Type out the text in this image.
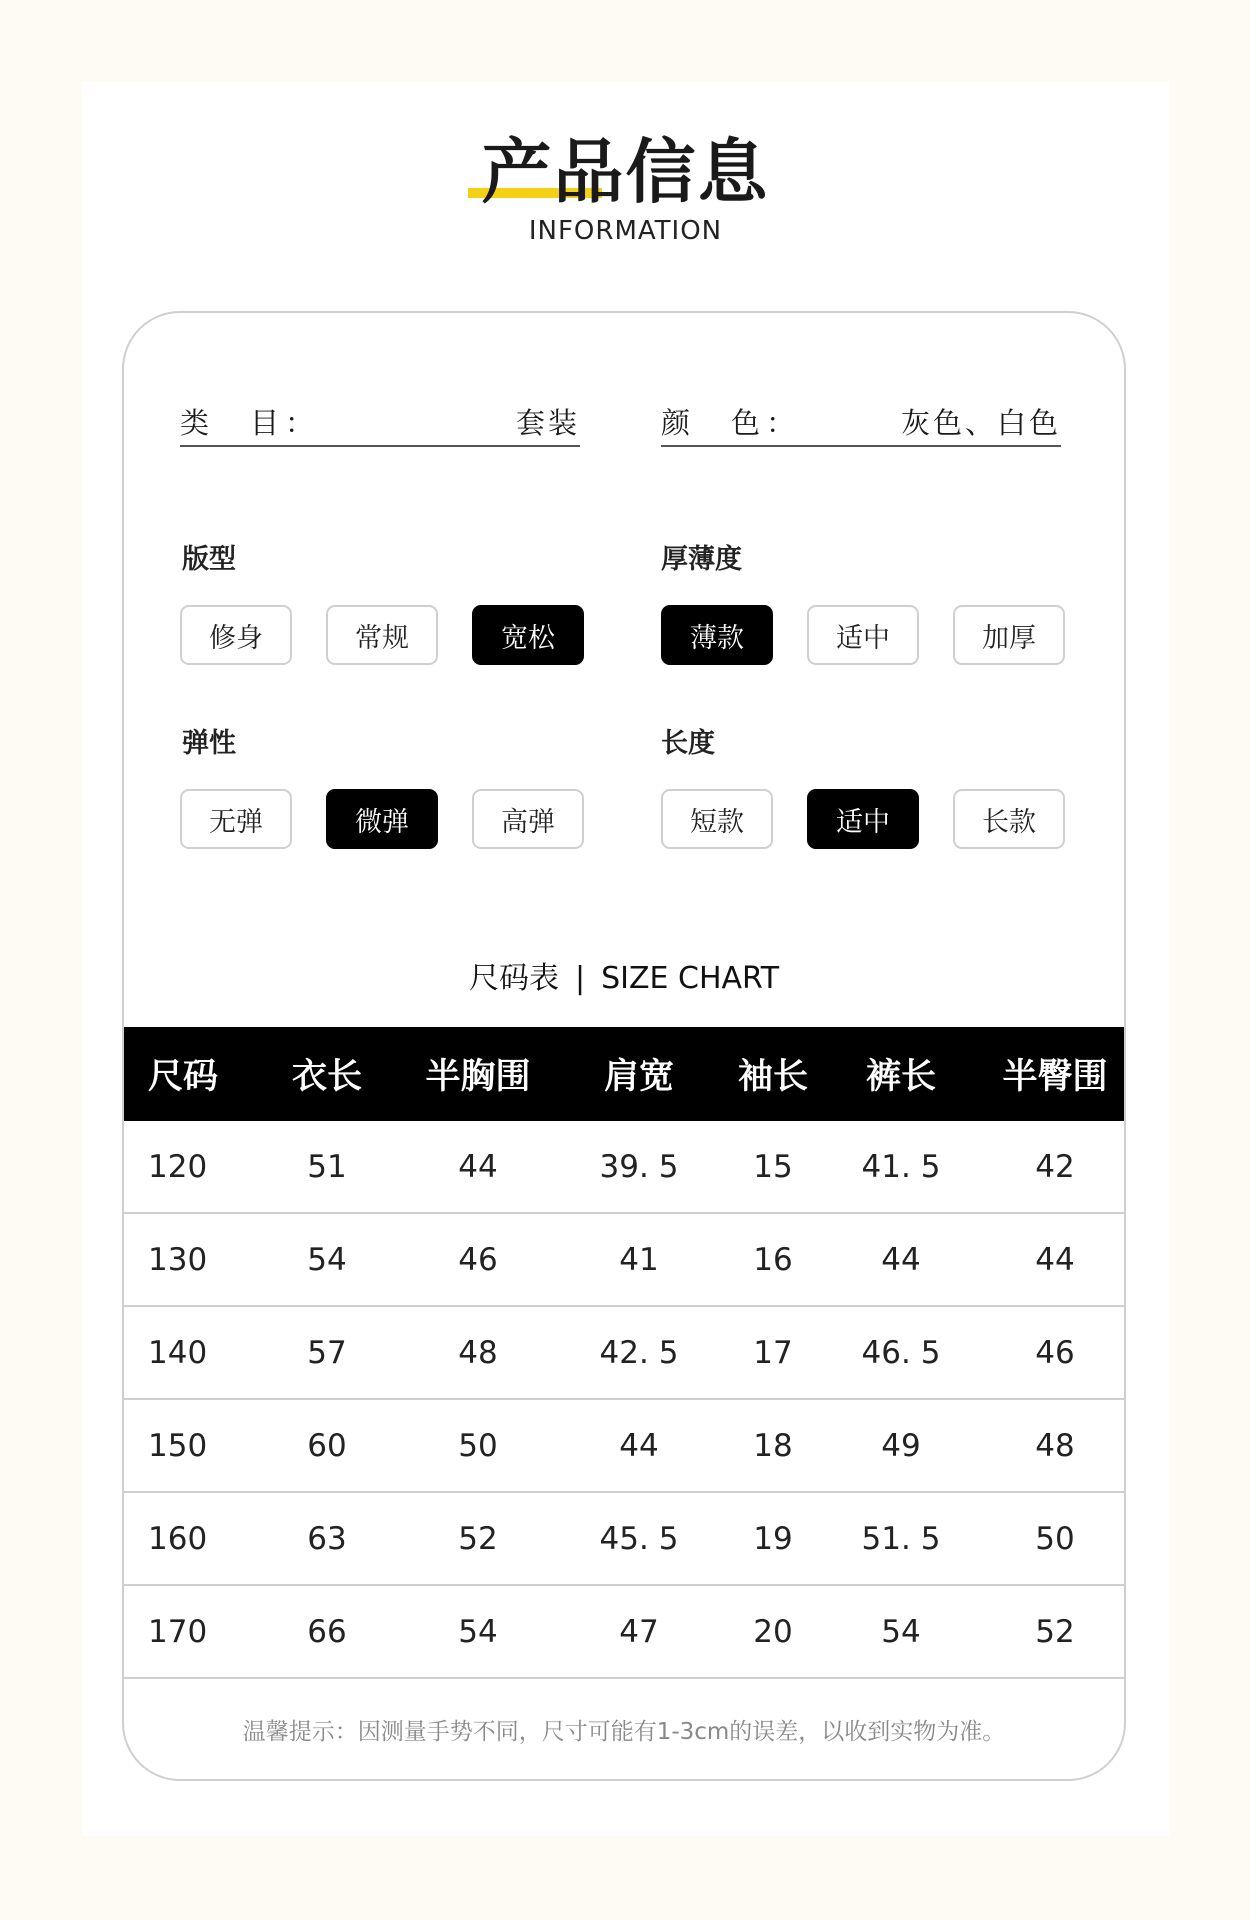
产品信息
INFORMATION
类　目：	套装	颜　色：	灰色、白色
版型
修身	常规	宽松
厚薄度
薄款	适中	加厚
弹性
无弹	微弹	高弹
长度
短款	适中	长款
尺码表 | SIZE CHART
尺码	衣长	半胸围	肩宽	袖长	裤长	半臀围
120	51	44	39. 5	15	41. 5	42
130	54	46	41	16	44	44
140	57	48	42. 5	17	46. 5	46
150	60	50	44	18	49	48
160	63	52	45. 5	19	51. 5	50
170	66	54	47	20	54	52
温馨提示：因测量手势不同，尺寸可能有1-3cm的误差，以收到实物为准。
